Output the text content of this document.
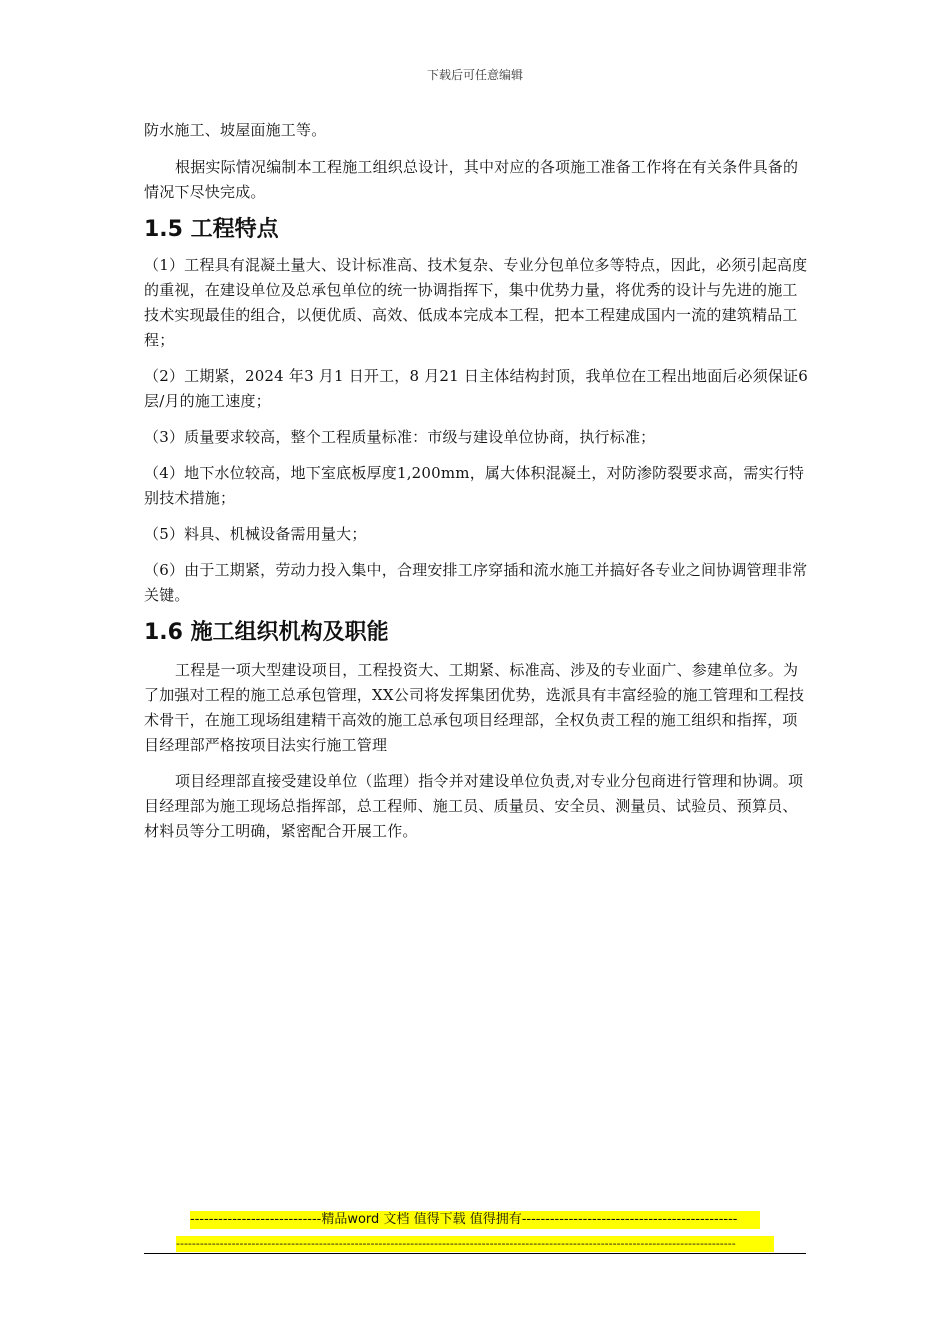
下载后可任意编辑

防水施工、坡屋面施工等。

根据实际情况编制本工程施工组织总设计，其中对应的各项施工准备工作将在有关条件具备的情况下尽快完成。

1.5 工程特点

（1）工程具有混凝土量大、设计标准高、技术复杂、专业分包单位多等特点，因此，必须引起高度的重视，在建设单位及总承包单位的统一协调指挥下，集中优势力量，将优秀的设计与先进的施工技术实现最佳的组合，以便优质、高效、低成本完成本工程，把本工程建成国内一流的建筑精品工程；

（2）工期紧，2024 年3 月1 日开工，8 月21 日主体结构封顶，我单位在工程出地面后必须保证6 层/月的施工速度；

（3）质量要求较高，整个工程质量标准：市级与建设单位协商，执行标准；

（4）地下水位较高，地下室底板厚度1,200mm，属大体积混凝土，对防渗防裂要求高，需实行特别技术措施；

（5）料具、机械设备需用量大；

（6）由于工期紧，劳动力投入集中，合理安排工序穿插和流水施工并搞好各专业之间协调管理非常关键。

1.6 施工组织机构及职能

工程是一项大型建设项目，工程投资大、工期紧、标准高、涉及的专业面广、参建单位多。为了加强对工程的施工总承包管理，XX公司将发挥集团优势，选派具有丰富经验的施工管理和工程技术骨干，在施工现场组建精干高效的施工总承包项目经理部，全权负责工程的施工组织和指挥，项目经理部严格按项目法实行施工管理

项目经理部直接受建设单位（监理）指令并对建设单位负责,对专业分包商进行管理和协调。项目经理部为施工现场总指挥部，总工程师、施工员、质量员、安全员、测量员、试验员、预算员、材料员等分工明确，紧密配合开展工作。

----------------------------精品word 文档 值得下载 值得拥有----------------------------------------------
---------------------------------------------------------------------------------------------------------------------------------------------
